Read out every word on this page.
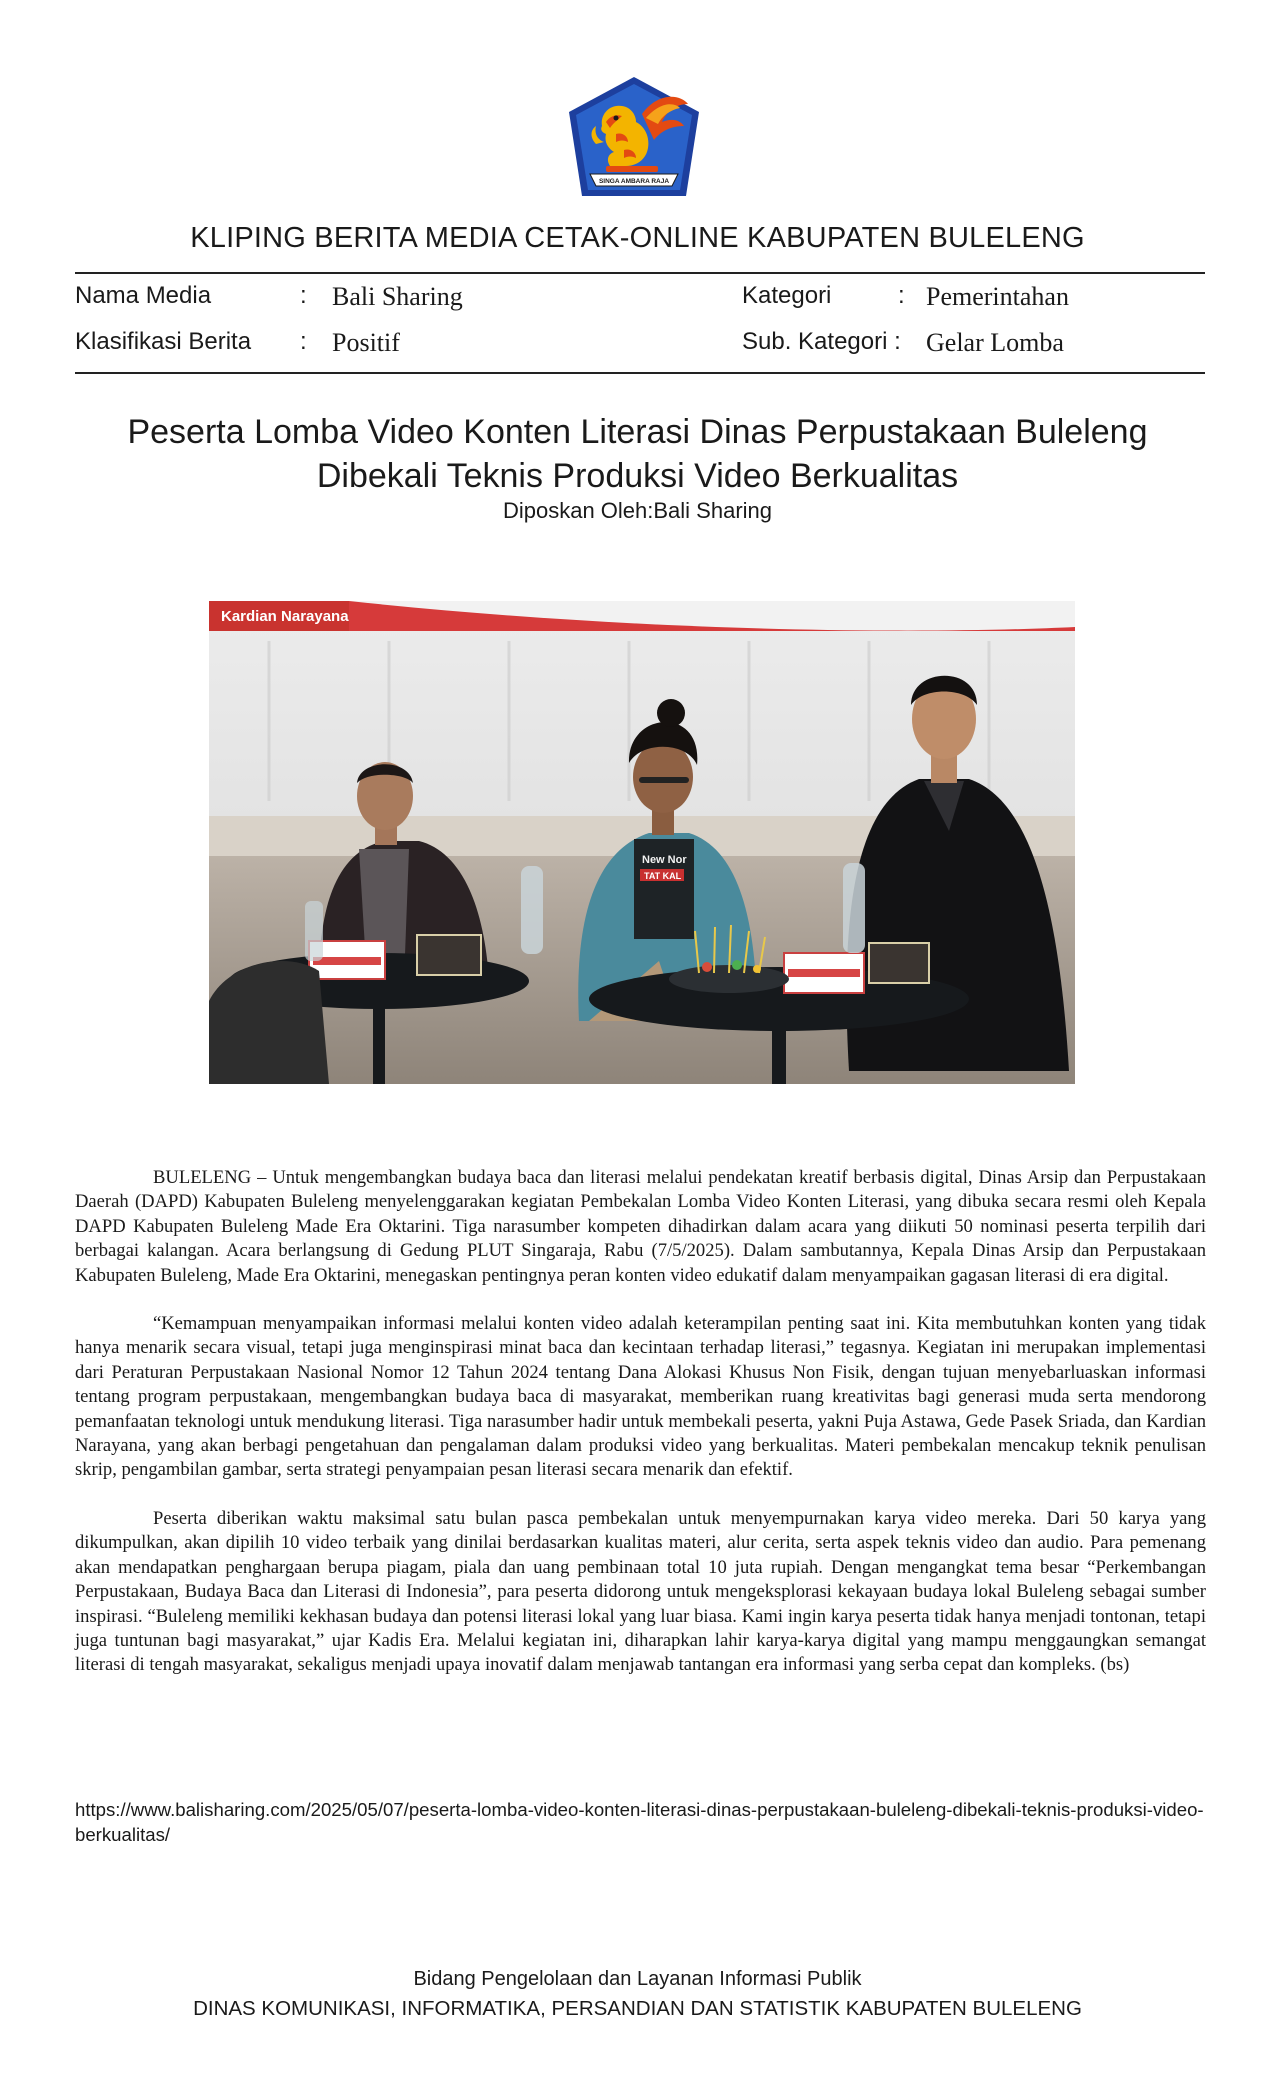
SINGA AMBARA RAJA
KLIPING BERITA MEDIA CETAK-ONLINE KABUPATEN BULELENG
Nama Media	: Bali Sharing	Kategori	: Pemerintahan
Klasifikasi Berita : Positif	Sub. Kategori : Gelar Lomba
Peserta Lomba Video Konten Literasi Dinas Perpustakaan Buleleng
Dibekali Teknis Produksi Video Berkualitas
Diposkan Oleh:Bali Sharing
Kardian Narayana
New Nor
TAT KAL

BULELENG – Untuk mengembangkan budaya baca dan literasi melalui pendekatan kreatif berbasis digital, Dinas Arsip dan Perpustakaan Daerah (DAPD) Kabupaten Buleleng menyelenggarakan kegiatan Pembekalan Lomba Video Konten Literasi, yang dibuka secara resmi oleh Kepala DAPD Kabupaten Buleleng Made Era Oktarini. Tiga narasumber kompeten dihadirkan dalam acara yang diikuti 50 nominasi peserta terpilih dari berbagai kalangan. Acara berlangsung di Gedung PLUT Singaraja, Rabu (7/5/2025). Dalam sambutannya, Kepala Dinas Arsip dan Perpustakaan Kabupaten Buleleng, Made Era Oktarini, menegaskan pentingnya peran konten video edukatif dalam menyampaikan gagasan literasi di era digital.

“Kemampuan menyampaikan informasi melalui konten video adalah keterampilan penting saat ini. Kita membutuhkan konten yang tidak hanya menarik secara visual, tetapi juga menginspirasi minat baca dan kecintaan terhadap literasi,” tegasnya. Kegiatan ini merupakan implementasi dari Peraturan Perpustakaan Nasional Nomor 12 Tahun 2024 tentang Dana Alokasi Khusus Non Fisik, dengan tujuan menyebarluaskan informasi tentang program perpustakaan, mengembangkan budaya baca di masyarakat, memberikan ruang kreativitas bagi generasi muda serta mendorong pemanfaatan teknologi untuk mendukung literasi. Tiga narasumber hadir untuk membekali peserta, yakni Puja Astawa, Gede Pasek Sriada, dan Kardian Narayana, yang akan berbagi pengetahuan dan pengalaman dalam produksi video yang berkualitas. Materi pembekalan mencakup teknik penulisan skrip, pengambilan gambar, serta strategi penyampaian pesan literasi secara menarik dan efektif.

Peserta diberikan waktu maksimal satu bulan pasca pembekalan untuk menyempurnakan karya video mereka. Dari 50 karya yang dikumpulkan, akan dipilih 10 video terbaik yang dinilai berdasarkan kualitas materi, alur cerita, serta aspek teknis video dan audio. Para pemenang akan mendapatkan penghargaan berupa piagam, piala dan uang pembinaan total 10 juta rupiah. Dengan mengangkat tema besar “Perkembangan Perpustakaan, Budaya Baca dan Literasi di Indonesia”, para peserta didorong untuk mengeksplorasi kekayaan budaya lokal Buleleng sebagai sumber inspirasi. “Buleleng memiliki kekhasan budaya dan potensi literasi lokal yang luar biasa. Kami ingin karya peserta tidak hanya menjadi tontonan, tetapi juga tuntunan bagi masyarakat,” ujar Kadis Era. Melalui kegiatan ini, diharapkan lahir karya-karya digital yang mampu menggaungkan semangat literasi di tengah masyarakat, sekaligus menjadi upaya inovatif dalam menjawab tantangan era informasi yang serba cepat dan kompleks. (bs)

https://www.balisharing.com/2025/05/07/peserta-lomba-video-konten-literasi-dinas-perpustakaan-buleleng-dibekali-teknis-produksi-video-berkualitas/
Bidang Pengelolaan dan Layanan Informasi Publik
DINAS KOMUNIKASI, INFORMATIKA, PERSANDIAN DAN STATISTIK KABUPATEN BULELENG
